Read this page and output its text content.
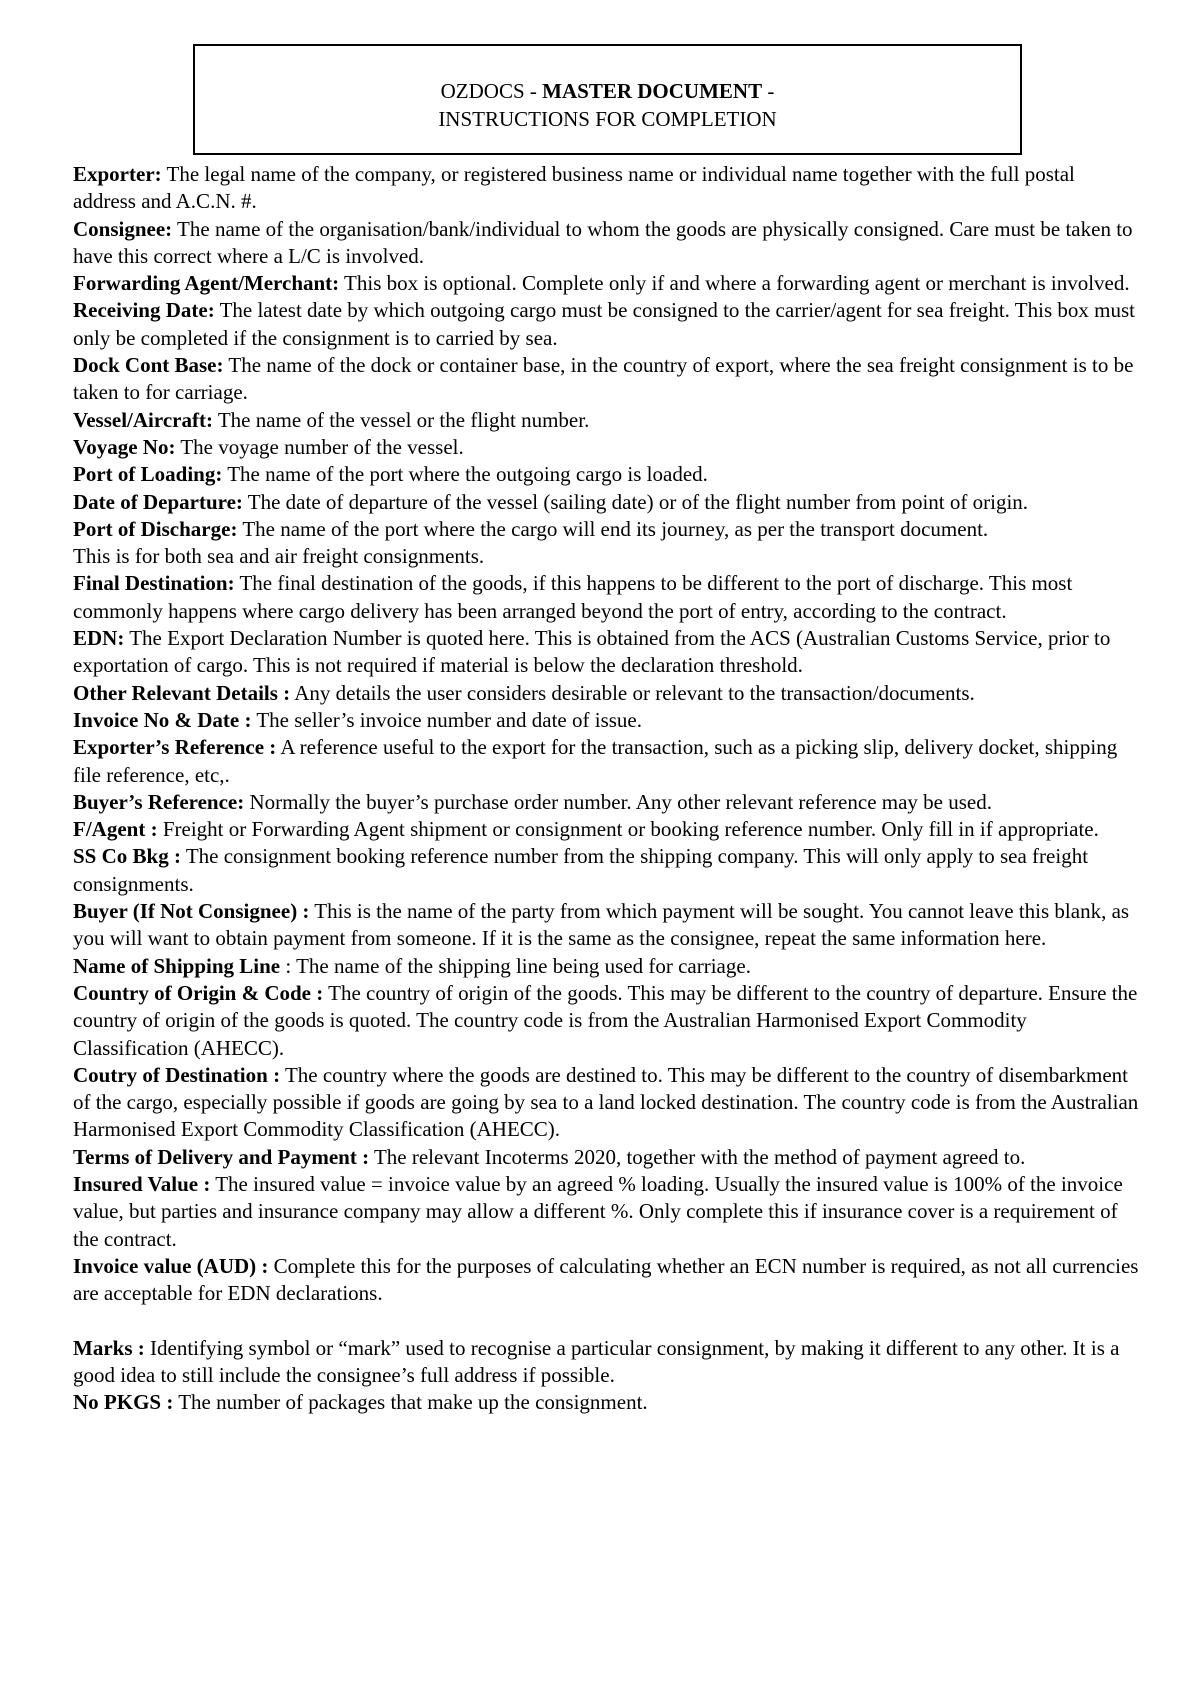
OZDOCS - MASTER DOCUMENT -
INSTRUCTIONS FOR COMPLETION

Exporter: The legal name of the company, or registered business name or individual name together with the full postal address and A.C.N. #.

Consignee: The name of the organisation/bank/individual to whom the goods are physically consigned. Care must be taken to have this correct where a L/C is involved.

Forwarding Agent/Merchant: This box is optional. Complete only if and where a forwarding agent or merchant is involved.

Receiving Date: The latest date by which outgoing cargo must be consigned to the carrier/agent for sea freight. This box must only be completed if the consignment is to carried by sea.

Dock Cont Base: The name of the dock or container base, in the country of export, where the sea freight consignment is to be taken to for carriage.

Vessel/Aircraft: The name of the vessel or the flight number.

Voyage No: The voyage number of the vessel.

Port of Loading: The name of the port where the outgoing cargo is loaded.

Date of Departure: The date of departure of the vessel (sailing date) or of the flight number from point of origin.

Port of Discharge: The name of the port where the cargo will end its journey, as per the transport document.

This is for both sea and air freight consignments.

Final Destination: The final destination of the goods, if this happens to be different to the port of discharge. This most commonly happens where cargo delivery has been arranged beyond the port of entry, according to the contract.

EDN: The Export Declaration Number is quoted here. This is obtained from the ACS (Australian Customs Service, prior to exportation of cargo. This is not required if material is below the declaration threshold.

Other Relevant Details : Any details the user considers desirable or relevant to the transaction/documents.

Invoice No & Date : The seller’s invoice number and date of issue.

Exporter’s Reference : A reference useful to the export for the transaction, such as a picking slip, delivery docket, shipping file reference, etc,.

Buyer’s Reference: Normally the buyer’s purchase order number. Any other relevant reference may be used.

F/Agent : Freight or Forwarding Agent shipment or consignment or booking reference number. Only fill in if appropriate.

SS Co Bkg : The consignment booking reference number from the shipping company. This will only apply to sea freight consignments.

Buyer (If Not Consignee) : This is the name of the party from which payment will be sought. You cannot leave this blank, as you will want to obtain payment from someone. If it is the same as the consignee, repeat the same information here.

Name of Shipping Line : The name of the shipping line being used for carriage.

Country of Origin & Code : The country of origin of the goods. This may be different to the country of departure. Ensure the country of origin of the goods is quoted. The country code is from the Australian Harmonised Export Commodity Classification (AHECC).

Coutry of Destination : The country where the goods are destined to. This may be different to the country of disembarkment of the cargo, especially possible if goods are going by sea to a land locked destination. The country code is from the Australian Harmonised Export Commodity Classification (AHECC).

Terms of Delivery and Payment : The relevant Incoterms 2020, together with the method of payment agreed to.

Insured Value : The insured value = invoice value by an agreed % loading. Usually the insured value is 100% of the invoice value, but parties and insurance company may allow a different %. Only complete this if insurance cover is a requirement of the contract.

Invoice value (AUD) : Complete this for the purposes of calculating whether an ECN number is required, as not all currencies are acceptable for EDN declarations.

Marks : Identifying symbol or “mark” used to recognise a particular consignment, by making it different to any other. It is a good idea to still include the consignee’s full address if possible.

No PKGS : The number of packages that make up the consignment.
